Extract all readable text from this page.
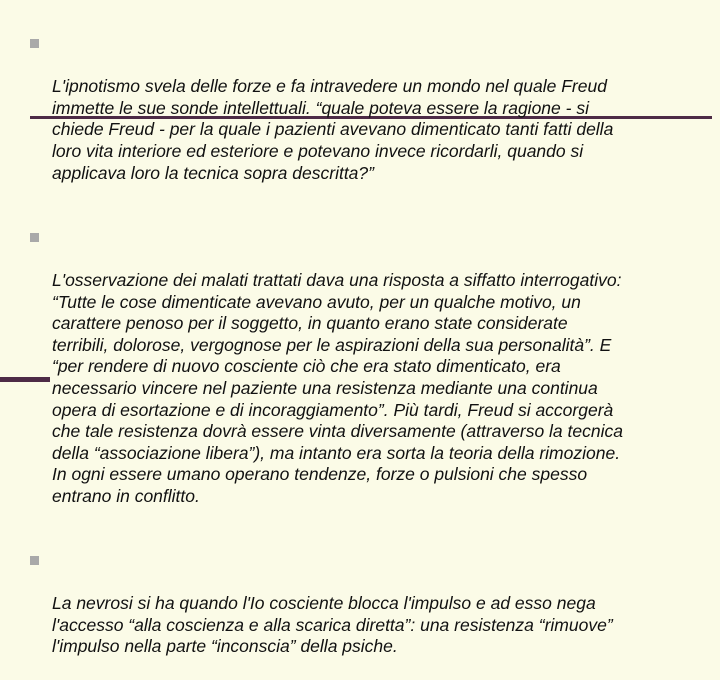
L'ipnotismo svela delle forze e fa intravedere un mondo nel quale Freud
immette le sue sonde intellettuali. “quale poteva essere la ragione - si
chiede Freud - per la quale i pazienti avevano dimenticato tanti fatti della
loro vita interiore ed esteriore e potevano invece ricordarli, quando si
applicava loro la tecnica sopra descritta?”

L'osservazione dei malati trattati dava una risposta a siffatto interrogativo:
“Tutte le cose dimenticate avevano avuto, per un qualche motivo, un
carattere penoso per il soggetto, in quanto erano state considerate
terribili, dolorose, vergognose per le aspirazioni della sua personalità”. E
“per rendere di nuovo cosciente ciò che era stato dimenticato, era
necessario vincere nel paziente una resistenza mediante una continua
opera di esortazione e di incoraggiamento”. Più tardi, Freud si accorgerà
che tale resistenza dovrà essere vinta diversamente (attraverso la tecnica
della “associazione libera”), ma intanto era sorta la teoria della rimozione.
In ogni essere umano operano tendenze, forze o pulsioni che spesso
entrano in conflitto.

La nevrosi si ha quando l'Io cosciente blocca l'impulso e ad esso nega
l'accesso “alla coscienza e alla scarica diretta”: una resistenza “rimuove”
l'impulso nella parte “inconscia” della psiche.
